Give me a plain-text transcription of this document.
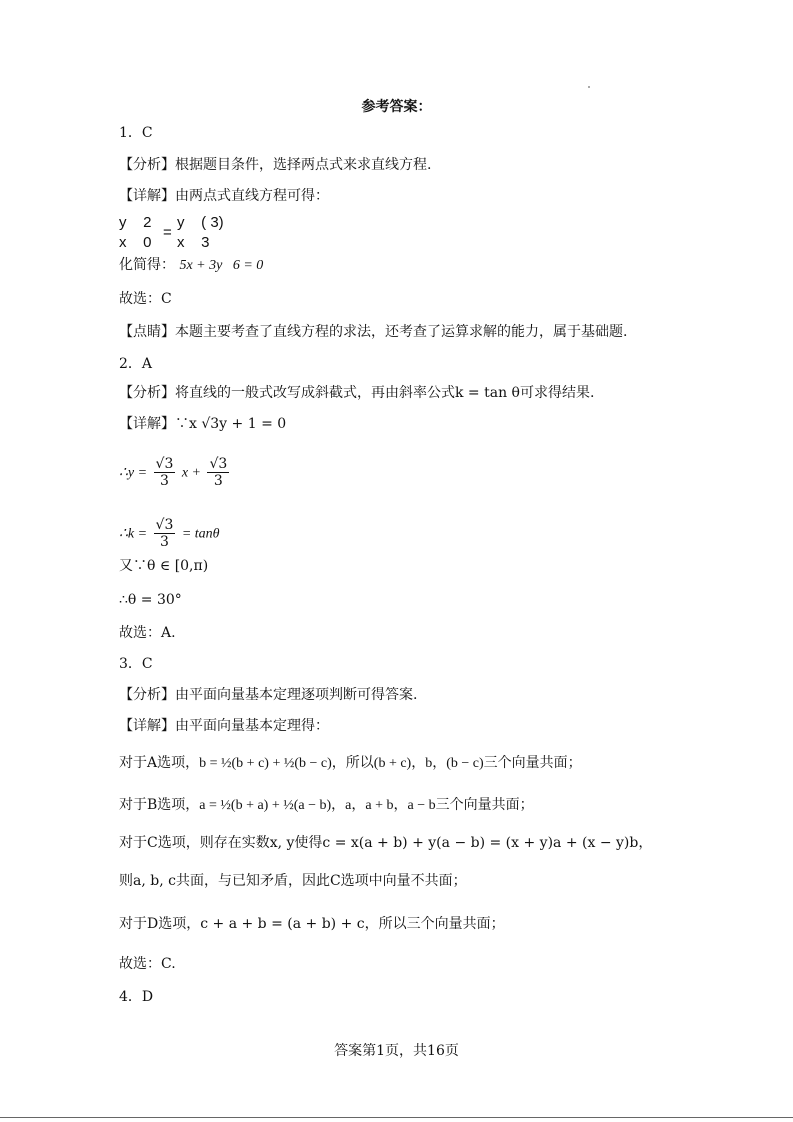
参考答案：
1．C
【分析】根据题目条件，选择两点式来求直线方程.
【详解】由两点式直线方程可得：
y    2
x    0
=
y    ( 3)
x    3
化简得： 5x + 3y   6 = 0
故选：C
【点睛】本题主要考查了直线方程的求法，还考查了运算求解的能力，属于基础题.
2．A
【分析】将直线的一般式改写成斜截式，再由斜率公式k = tan θ可求得结果.
【详解】∵x √3y + 1 = 0
∴y = $\frac{√3}{3}$ $x + \frac{√3}{3}$
∴k = $\frac{√3}{3} = \tan\theta$
又∵θ ∈ [0,π)
∴θ = 30°
故选：A.
3．C
【分析】由平面向量基本定理逐项判断可得答案.
【详解】由平面向量基本定理得：
对于A选项，b = ½(b + c) + ½(b − c)，所以(b + c)，b，(b − c)三个向量共面；
对于B选项，a = ½(b + a) + ½(a − b)，a，a + b，a − b三个向量共面；
对于C选项，则存在实数x, y使得c = x(a + b) + y(a − b) = (x + y)a + (x − y)b，
则a, b, c共面，与已知矛盾，因此C选项中向量不共面；
对于D选项，c + a + b = (a + b) + c，所以三个向量共面；
故选：C.
4．D
答案第1页，共16页
